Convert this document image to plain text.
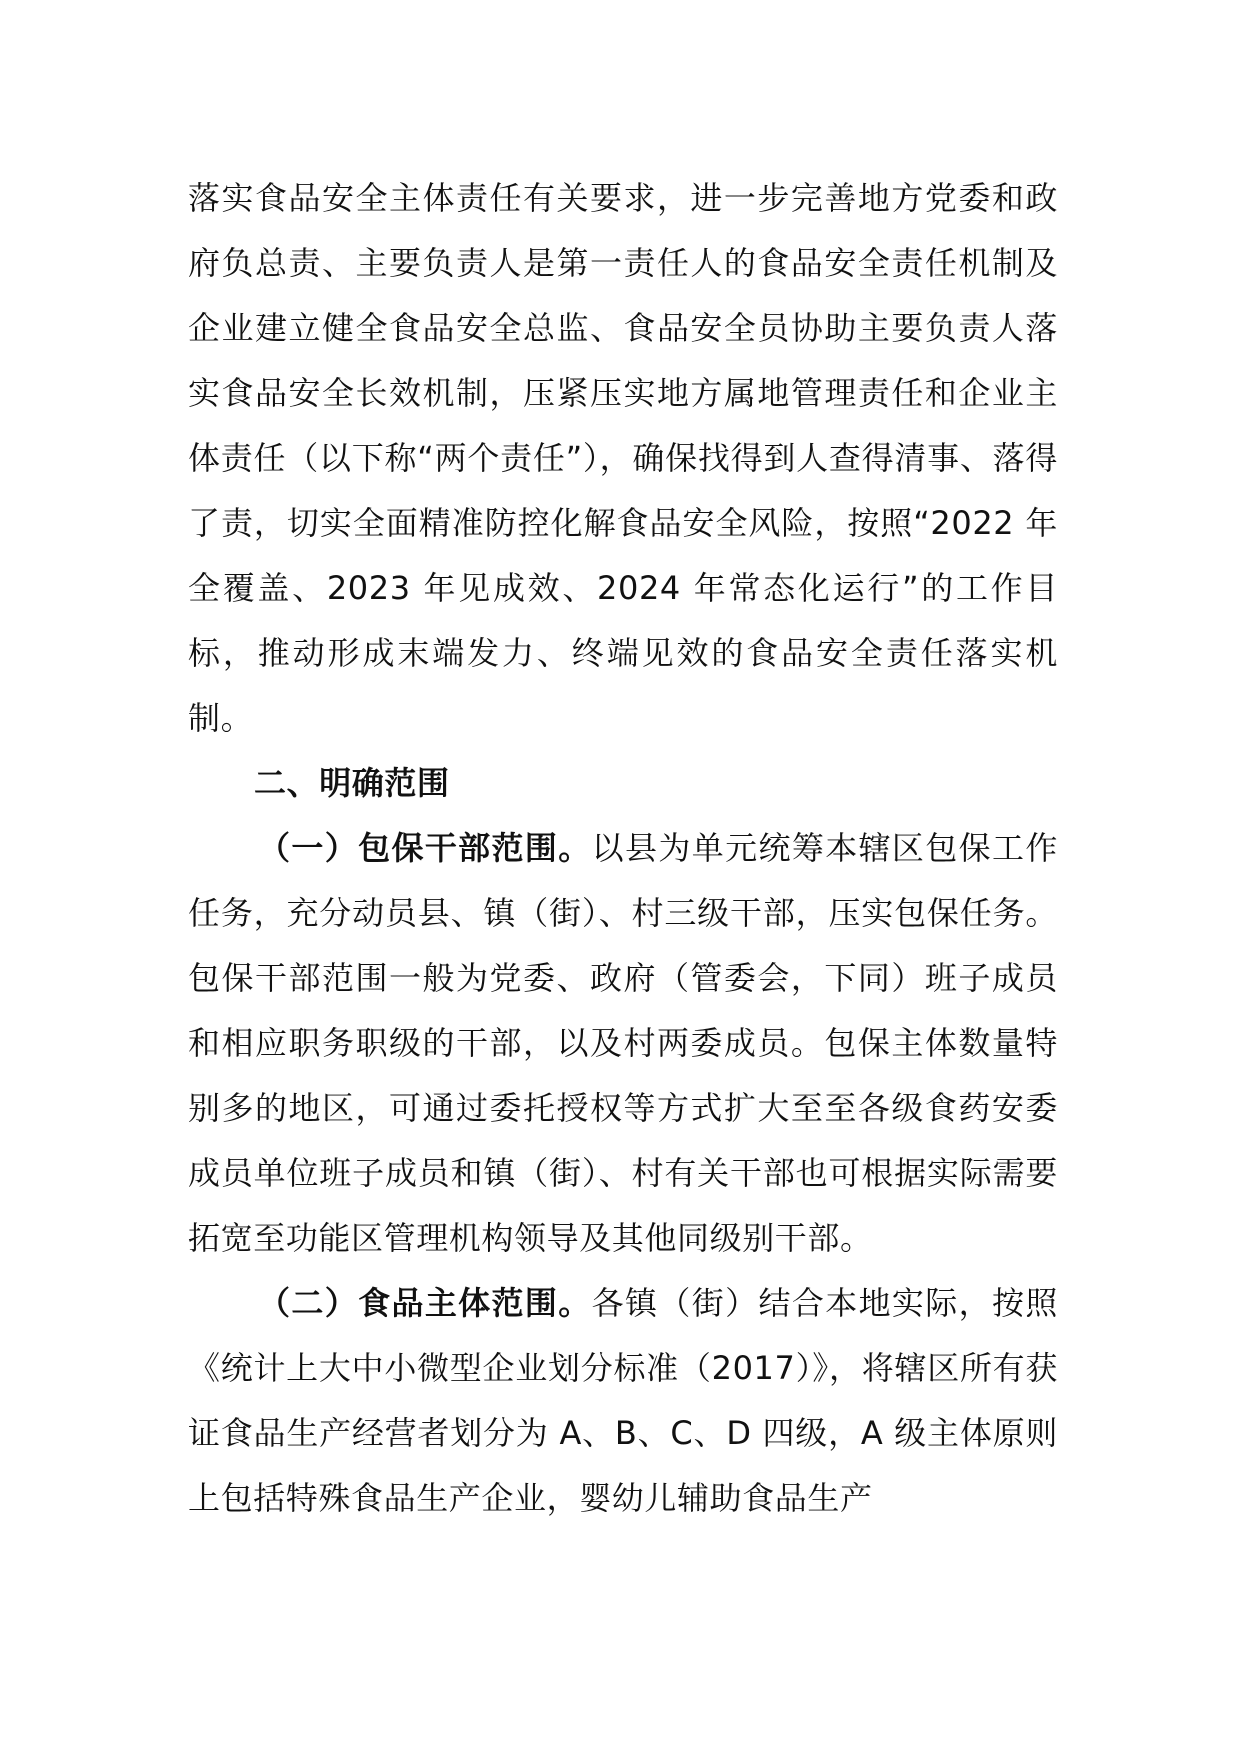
落实食品安全主体责任有关要求，进一步完善地方党委和政府负总责、主要负责人是第一责任人的食品安全责任机制及企业建立健全食品安全总监、食品安全员协助主要负责人落实食品安全长效机制，压紧压实地方属地管理责任和企业主体责任（以下称“两个责任”），确保找得到人查得清事、落得了责，切实全面精准防控化解食品安全风险，按照“2022 年全覆盖、2023 年见成效、2024 年常态化运行”的工作目标，推动形成末端发力、终端见效的食品安全责任落实机制。

二、明确范围

（一）包保干部范围。以县为单元统筹本辖区包保工作任务，充分动员县、镇（街）、村三级干部，压实包保任务。包保干部范围一般为党委、政府（管委会，下同）班子成员和相应职务职级的干部，以及村两委成员。包保主体数量特别多的地区，可通过委托授权等方式扩大至至各级食药安委成员单位班子成员和镇（街）、村有关干部也可根据实际需要拓宽至功能区管理机构领导及其他同级别干部。

（二）食品主体范围。各镇（街）结合本地实际，按照《统计上大中小微型企业划分标准（2017）》，将辖区所有获证食品生产经营者划分为 A、B、C、D 四级，A 级主体原则上包括特殊食品生产企业，婴幼儿辅助食品生产
